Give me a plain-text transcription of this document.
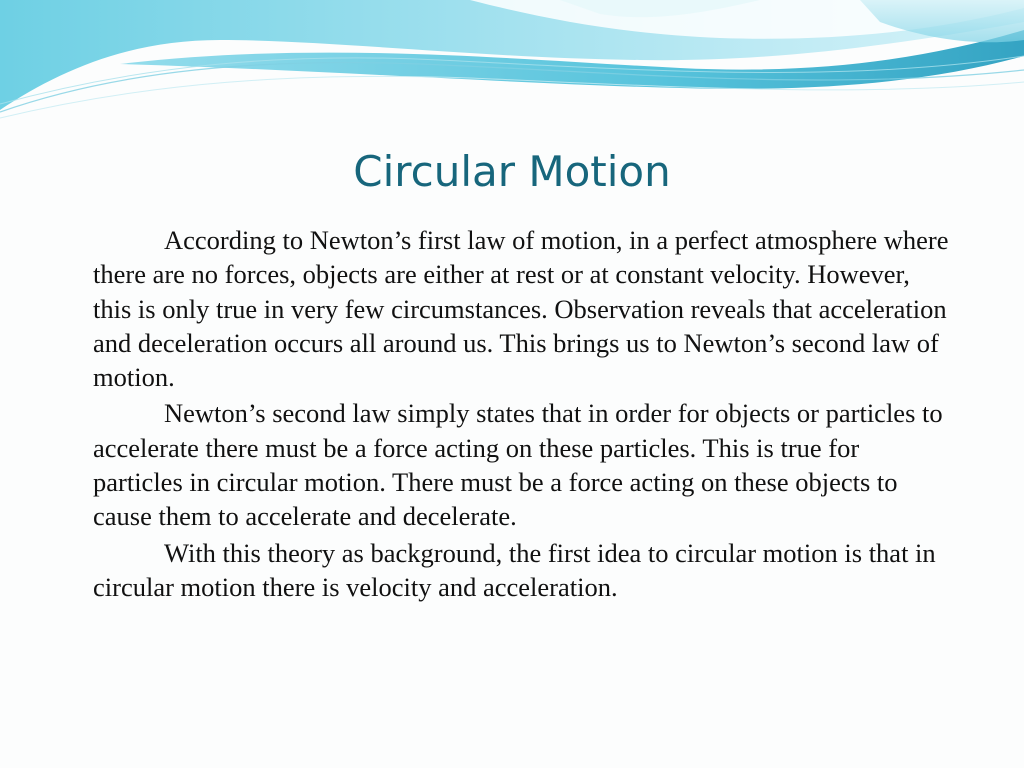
Circular Motion

According to Newton’s first law of motion, in a perfect atmosphere where there are no forces, objects are either at rest or at constant velocity. However, this is only true in very few circumstances. Observation reveals that acceleration and deceleration occurs all around us. This brings us to Newton’s second law of motion.

Newton’s second law simply states that in order for objects or particles to accelerate there must be a force acting on these particles. This is true for particles in circular motion. There must be a force acting on these objects to cause them to accelerate and decelerate.

With this theory as background, the first idea to circular motion is that in circular motion there is velocity and acceleration.
